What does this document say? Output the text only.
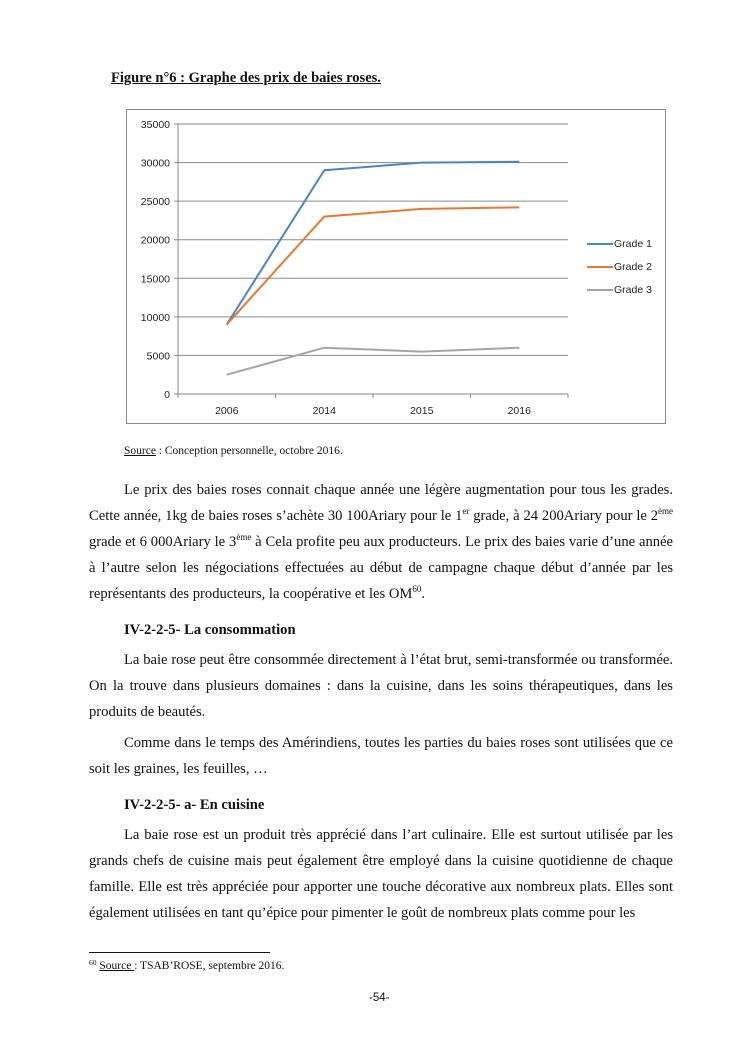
Figure n°6 : Graphe des prix de baies roses.
0
5000
10000
15000
20000
25000
30000
35000
2006	2014	2015	2016
Grade 1
Grade 2
Grade 3
Source : Conception personnelle, octobre 2016.
Le prix des baies roses connait chaque année une légère augmentation pour tous les grades. Cette année, 1kg de baies roses s’achète 30 100Ariary pour le 1er grade, à 24 200Ariary pour le 2ème grade et 6 000Ariary le 3ème à Cela profite peu aux producteurs. Le prix des baies varie d’une année à l’autre selon les négociations effectuées au début de campagne chaque début d’année par les représentants des producteurs, la coopérative et les OM$^{60}$.
IV-2-2-5- La consommation
La baie rose peut être consommée directement à l’état brut, semi-transformée ou transformée. On la trouve dans plusieurs domaines : dans la cuisine, dans les soins thérapeutiques, dans les produits de beautés.
Comme dans le temps des Amérindiens, toutes les parties du baies roses sont utilisées que ce soit les graines, les feuilles, …
IV-2-2-5- a- En cuisine
La baie rose est un produit très apprécié dans l’art culinaire. Elle est surtout utilisée par les grands chefs de cuisine mais peut également être employé dans la cuisine quotidienne de chaque famille. Elle est très appréciée pour apporter une touche décorative aux nombreux plats. Elles sont également utilisées en tant qu’épice pour pimenter le goût de nombreux plats comme pour les
$^{60}$ Source : TSAB’ROSE, septembre 2016.
-54-
